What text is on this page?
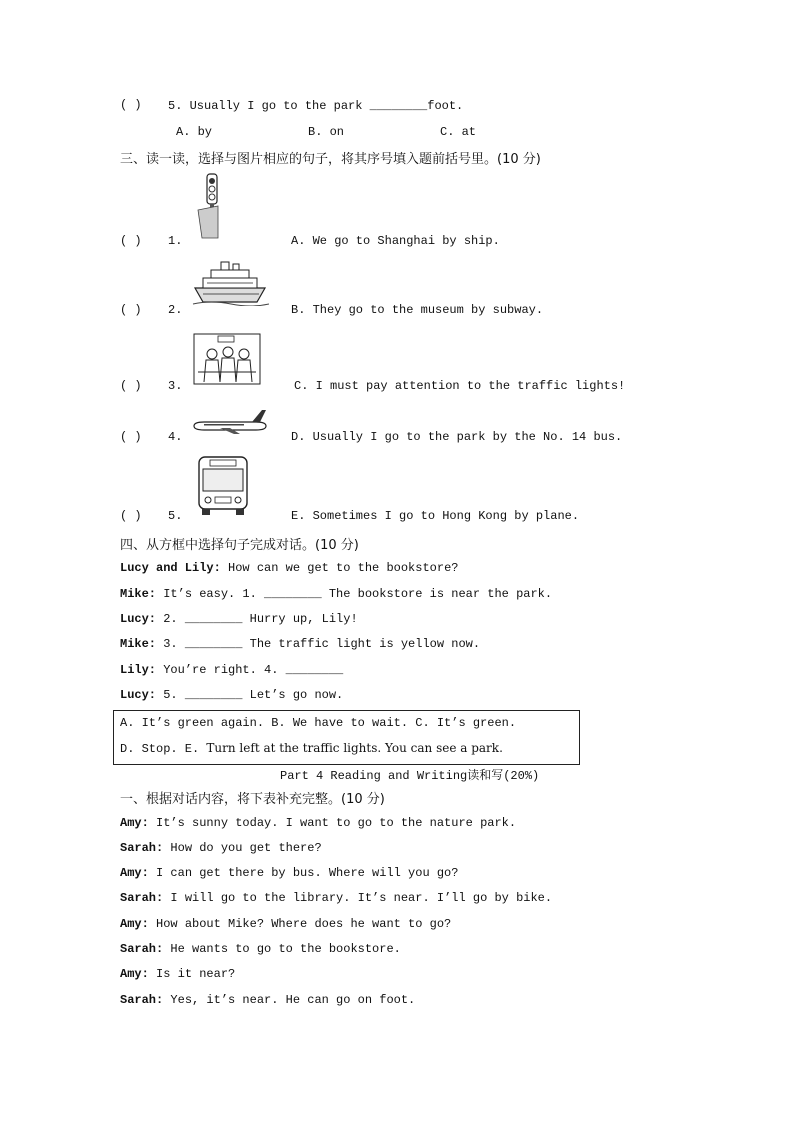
( ) 5. Usually I go to the park ________foot.
A. by	B. on	C. at
三、读一读，选择与图片相应的句子，将其序号填入题前括号里。(10 分)
( ) 1.	A. We go to Shanghai by ship.
( ) 2.	B. They go to the museum by subway.
( ) 3.	C. I must pay attention to the traffic lights!
( ) 4.	D. Usually I go to the park by the No. 14 bus.
( ) 5.	E. Sometimes I go to Hong Kong by plane.
四、从方框中选择句子完成对话。(10 分)
Lucy and Lily: How can we get to the bookstore?
Mike: It’s easy. 1. ________ The bookstore is near the park.
Lucy: 2. ________ Hurry up, Lily!
Mike: 3. ________ The traffic light is yellow now.
Lily: You’re right. 4. ________
Lucy: 5. ________ Let’s go now.
A. It’s green again. B. We have to wait. C. It’s green.
D. Stop. E. Turn left at the traffic lights. You can see a park.
Part 4 Reading and Writing读和写(20%)
一、根据对话内容，将下表补充完整。(10 分)
Amy: It’s sunny today. I want to go to the nature park.
Sarah: How do you get there?
Amy: I can get there by bus. Where will you go?
Sarah: I will go to the library. It’s near. I’ll go by bike.
Amy: How about Mike? Where does he want to go?
Sarah: He wants to go to the bookstore.
Amy: Is it near?
Sarah: Yes, it’s near. He can go on foot.
